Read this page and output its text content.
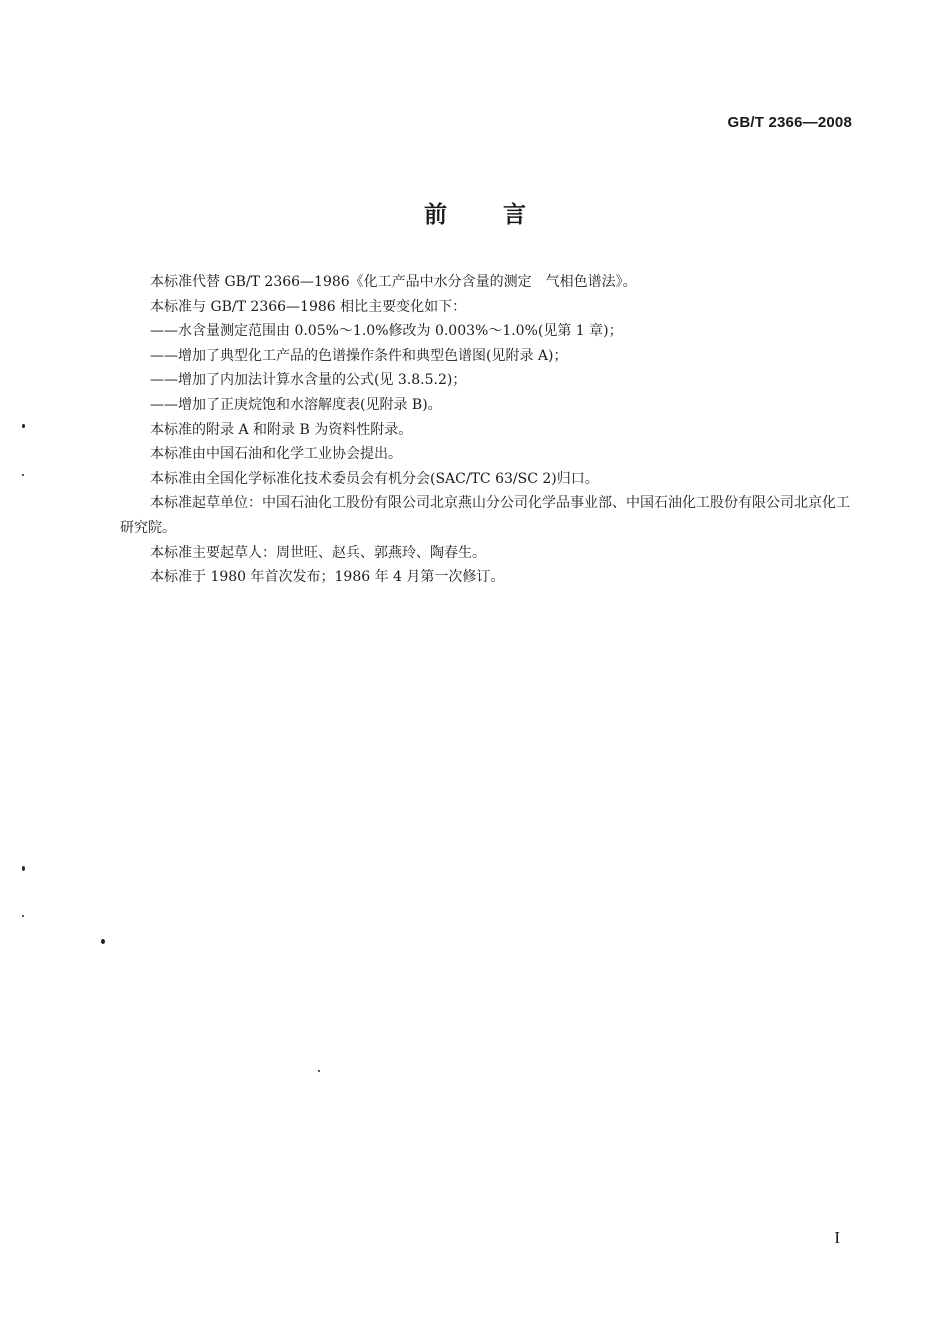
GB/T 2366—2008
前 言

本标准代替 GB/T 2366—1986《化工产品中水分含量的测定　气相色谱法》。

本标准与 GB/T 2366—1986 相比主要变化如下：

——水含量测定范围由 0.05%～1.0%修改为 0.003%～1.0%(见第 1 章)；

——增加了典型化工产品的色谱操作条件和典型色谱图(见附录 A)；

——增加了内加法计算水含量的公式(见 3.8.5.2)；

——增加了正庚烷饱和水溶解度表(见附录 B)。

本标准的附录 A 和附录 B 为资料性附录。

本标准由中国石油和化学工业协会提出。

本标准由全国化学标准化技术委员会有机分会(SAC/TC 63/SC 2)归口。

本标准起草单位：中国石油化工股份有限公司北京燕山分公司化学品事业部、中国石油化工股份有限公司北京化工研究院。

本标准主要起草人：周世旺、赵兵、郭燕玲、陶春生。

本标准于 1980 年首次发布；1986 年 4 月第一次修订。

I
